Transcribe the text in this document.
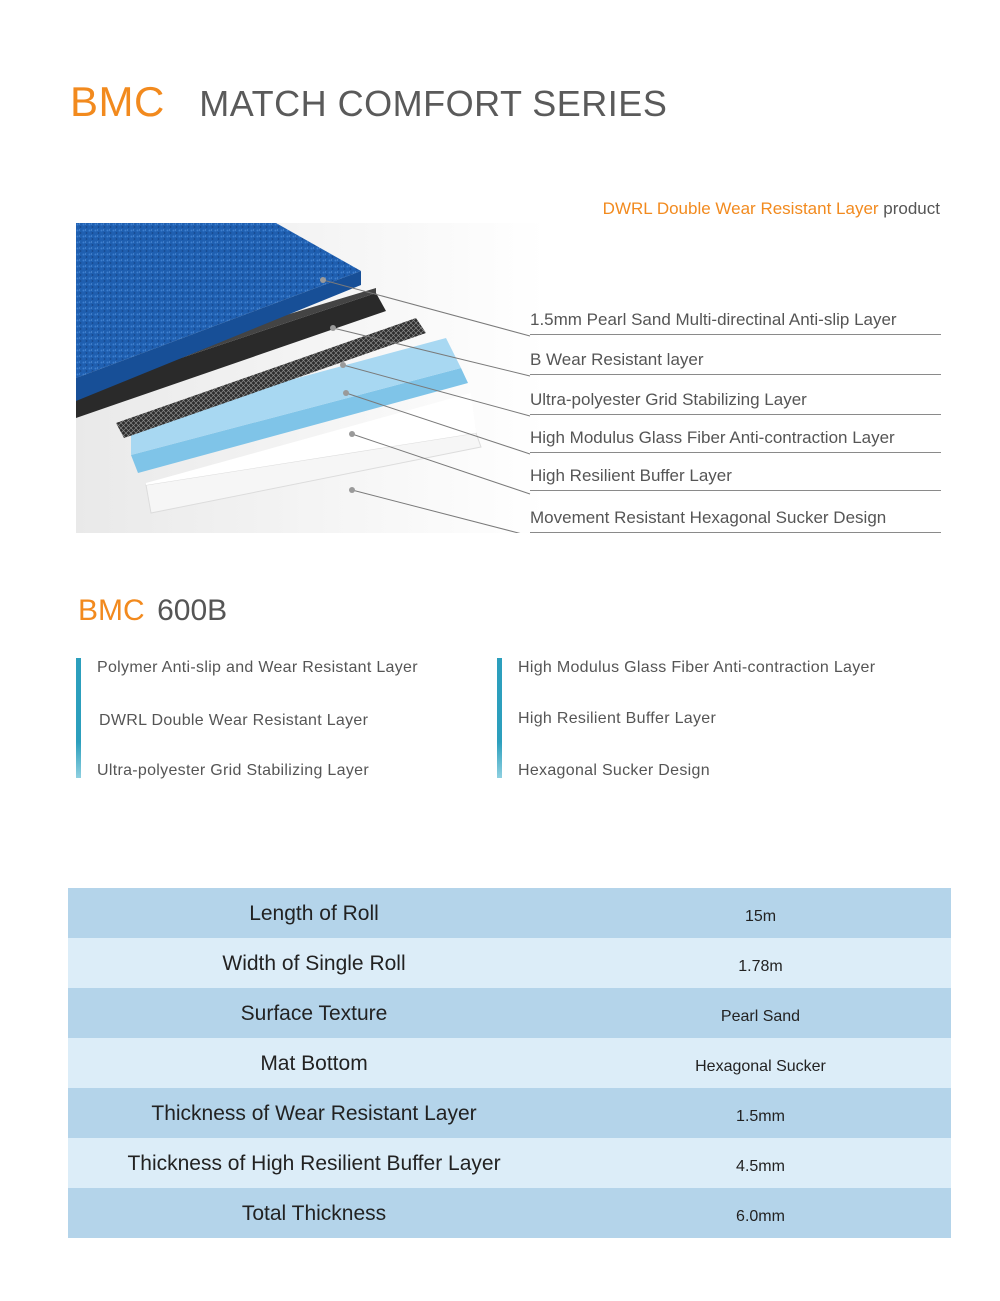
BMC MATCH COMFORT SERIES
DWRL Double Wear Resistant Layer product
1.5mm Pearl Sand Multi-directinal Anti-slip Layer
B Wear Resistant layer
Ultra-polyester Grid Stabilizing Layer
High Modulus Glass Fiber Anti-contraction Layer
High Resilient Buffer Layer
Movement Resistant Hexagonal Sucker Design
BMC 600B
Polymer Anti-slip and Wear Resistant Layer
DWRL Double Wear Resistant Layer
Ultra-polyester Grid Stabilizing Layer
High Modulus Glass Fiber Anti-contraction Layer
High Resilient Buffer Layer
Hexagonal Sucker Design
Length of Roll	15m
Width of Single Roll	1.78m
Surface Texture	Pearl Sand
Mat Bottom	Hexagonal Sucker
Thickness of Wear Resistant Layer	1.5mm
Thickness of High Resilient Buffer Layer	4.5mm
Total Thickness	6.0mm
